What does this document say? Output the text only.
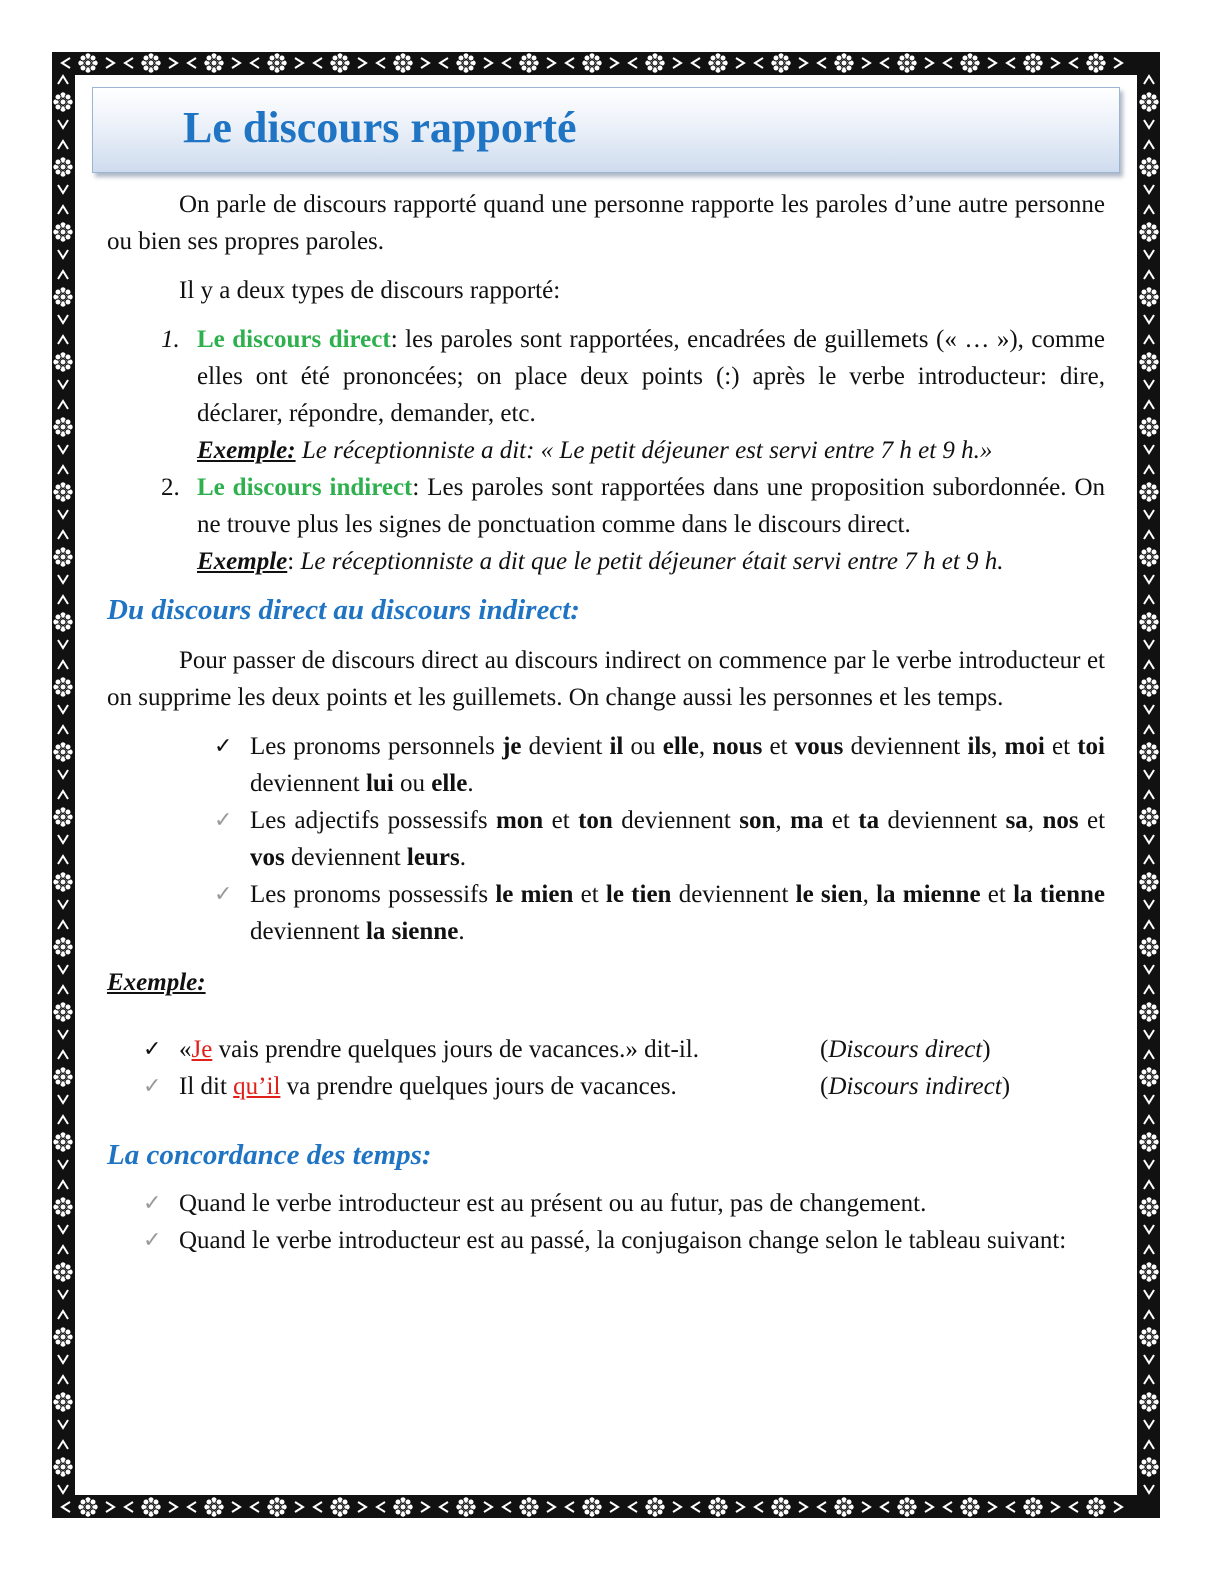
Le discours rapporté

On parle de discours rapporté quand une personne rapporte les paroles d’une autre personne ou bien ses propres paroles.

Il y a deux types de discours rapporté:

1. Le discours direct: les paroles sont rapportées, encadrées de guillemets (« … »), comme elles ont été prononcées; on place deux points (:) après le verbe introducteur: dire, déclarer, répondre, demander, etc.
Exemple: Le réceptionniste a dit: « Le petit déjeuner est servi entre 7 h et 9 h.»
2. Le discours indirect: Les paroles sont rapportées dans une proposition subordonnée. On ne trouve plus les signes de ponctuation comme dans le discours direct.
Exemple: Le réceptionniste a dit que le petit déjeuner était servi entre 7 h et 9 h.
Du discours direct au discours indirect:

Pour passer de discours direct au discours indirect on commence par le verbe introducteur et on supprime les deux points et les guillemets. On change aussi les personnes et les temps.

✓ Les pronoms personnels je devient il ou elle, nous et vous deviennent ils, moi et toi deviennent lui ou elle.
✓ Les adjectifs possessifs mon et ton deviennent son, ma et ta deviennent sa, nos et vos deviennent leurs.
✓ Les pronoms possessifs le mien et le tien deviennent le sien, la mienne et la tienne deviennent la sienne.

Exemple:

✓ «Je vais prendre quelques jours de vacances.» dit-il.	(Discours direct)
✓ Il dit qu’il va prendre quelques jours de vacances.	(Discours indirect)
La concordance des temps:
✓ Quand le verbe introducteur est au présent ou au futur, pas de changement.
✓ Quand le verbe introducteur est au passé, la conjugaison change selon le tableau suivant:
